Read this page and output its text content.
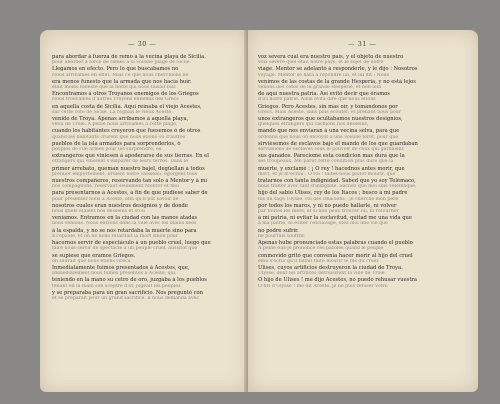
— 30 —
para abordar á fuerza de remo á la vecina playa de Sicilia.
pour aborder à force de rames à la voisine plage de Sicile.
Llegamos en efecto. Pero lo que buscabamos no
Nous arrivâmes en effet. Mais ce que nous cherchions ne
era menos funesto que la armada que nos hacía huir.
était moins funeste que la flotte qui nous faisait fuir.
Encontramos á otros Troyanos enemigos de los Griegos
Nous trouvâmes d'autres Troyens ennemis des Grecs
en aquella costa de Sicilia. Aquí reinaba el viejo Acestes,
sur cette côte de Sicile. Là régnait le vieux Aceste,
venido de Troya. Apenas arribamos á aquella playa,
venu de Troie. A peine nous arrivâmes à cette plage,
cuando los habitantes creyeron que fuesemos ó de otros
quand les habitants crurent que nous étions ou d'autres
pueblos de la isla armados para sorprenderlos, ó
peuples de l'île armés pour les surprendre, ou
extrangeros que viniesen á apoderarse de sus tierras. En el
étrangers qui vinssent s'emparer de leurs terres. Dans le
primer arrebato, queman nuestro bajel, degüellan á todos
premier emportement, brûlent notre vaisseau, égorgent tous
nuestros compañeros, reservando tan solo á Mentor y á mí
nos compagnons, réservant seulement Mentor et moi
para presentarnos á Acestes, á fin de que pudiese saber de
pour présenter nous à Aceste, afin qu'il pût savoir de
nosotros cuales eran nuestros designios y de donde
nous quels étaient nos desseins et d'où
veníamos. Entramos en la ciudad con las manos atadas
nous venions. Nous entrons dans la ville avec les mains liées
á la espalda, y no se nos retardaba la muerte sino para
à l'épaule, et on ne nous retardait la mort sinon pour
hacernos servir de espectáculo á un pueblo cruel, luego que
faire nous servir de spectacle à un peuple cruel, aussitôt que
se supiese que éramos Griegos.
on saurait que nous étions Grecs.
Inmediatamente fuimos presentados á Acestes, que,
Immédiatement nous fûmes présentés à Aceste, qui,
teniendo en la mano su cetro de oro, juzgaba á los pueblos
tenant en la main son sceptre d'or, jugeait les peuples
y se preparaba para un gran sacrificio. Nos preguntó con
et se préparait pour un grand sacrifice. Il nous demanda avec
— 31 —
voz severa cual era nuestro país, y el objeto de nuestro
voix sévère quel était notre pays, et le sujet de notre
viage. Mentor se adelantó á responderle, y le dijo : Nosotros
voyage. Mentor se hâta à répondre lui, et lui dit : Nous
venimos de las costas de la grande Hesperia, y no está lejos
venons des côtes de la grande Hespérie, et non loin
de aquí nuestra patria. Así evitó decir que éramos
d'ici notre patrie. Ainsi évita dire que nous étions
Griegos. Pero Acestes, sin mas oír, y tomándonos por
Grecs. Mais Aceste, sans plus écouter, et prenant nous pour
unos extrangeros que ocultabamos nuestros designios,
quelques étrangers qui cachions nos desseins,
mandó que nos enviaran á una vecina selva, para que
ordonna que nous on envoyât à une voisine forêt, pour que
sirviésemos de esclavos bajo el mando de los que guardaban
servissions de esclaves sous le pouvoir de ceux qui gardaient
sus ganados. Pareciome esta condicion mas dura que la
ses troupeaux. Me parut cette condition plus dure que la
muerte, y exclamé : ¡ O rey ! hacednos antes morir, que
mort, et je m'écriai : O roi ! faites-nous plutôt mourir, que
tratarnos con tanta indignidad. Sabed que yo soy Telémaco,
nous traiter avec tant d'indignité. Sachez que moi suis Télémaque,
hijo del sabio Ulises, rey de los Itacos ; busco á mi padre
fils du sage Ulysse, roi des Ithaciens ; je cherche mon père
por todos los mares, y ni no puedo hallarle, ni volver
par toutes les mers, et si non peux trouver lui, ni retourner
á mi patria, ni evitar la esclavitud, quitad me una vida que
à ma patrie, ni éviter l'esclavage, ôtez moi une vie que
no podré sufrir.
ne pourrais souffrir.
Apenas hube pronunciado estas palabras cuando el pueblo
A peine eus-je prononcé ces paroles quand le peuple
conmovido gritó que convenía hacer morir al hijo del cruel
ému s'écria qu'il fallait faire mourir le fils du cruel
Ulises, cuyos artificios destruyeron la ciudad de Troya.
Ulysse, dont les artifices détruisirent la ville de Troie.
O hijo de Ulises ! me dijo Acestes, no puedo rehusar vuestra
O fils d'Ulysse ! me dit Aceste, je ne puis refuser votre
